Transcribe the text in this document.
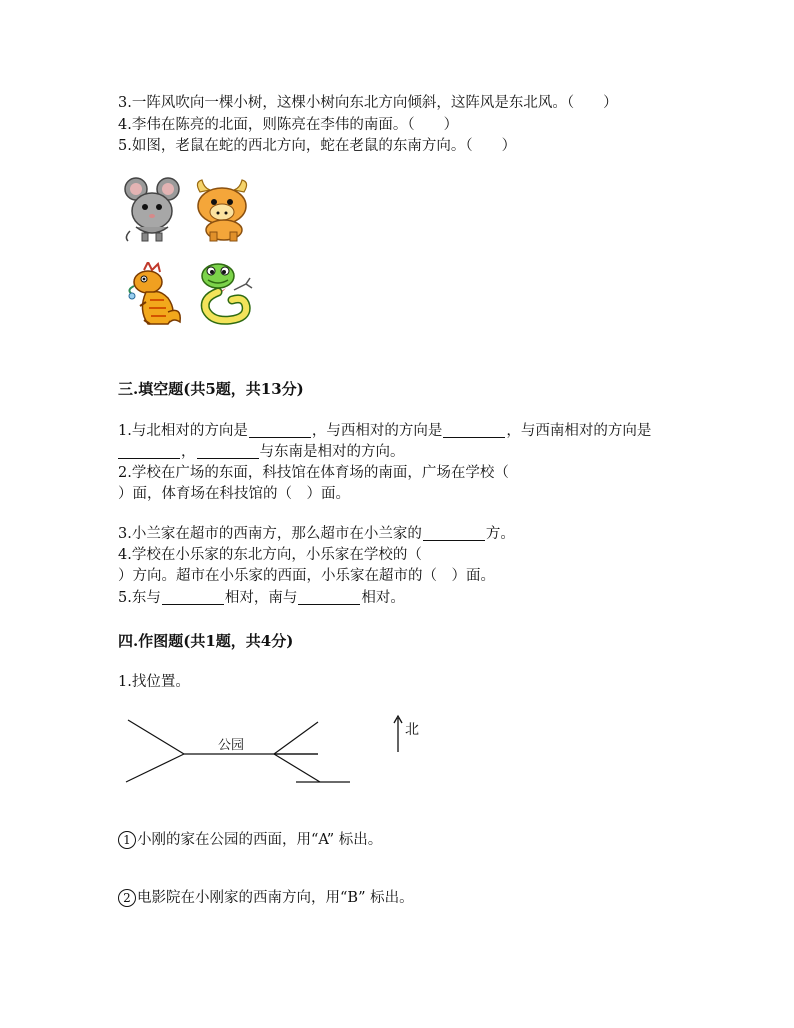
3.一阵风吹向一棵小树，这棵小树向东北方向倾斜，这阵风是东北风。（　　）
4.李伟在陈亮的北面，则陈亮在李伟的南面。（　　）
5.如图，老鼠在蛇的西北方向，蛇在老鼠的东南方向。（　　）
三.填空题(共5题，共13分)
1.与北相对的方向是	，与西相对的方向是	，与西南相对的方向是
，	与东南是相对的方向。
2.学校在广场的东面，科技馆在体育场的南面，广场在学校（
）面，体育场在科技馆的（　）面。
3.小兰家在超市的西南方，那么超市在小兰家的	方。
4.学校在小乐家的东北方向，小乐家在学校的（
）方向。超市在小乐家的西面，小乐家在超市的（　）面。
5.东与	相对，南与	相对。
四.作图题(共1题，共4分)
1.找位置。
公园
北
1 小刚的家在公园的西面，用“A” 标出。
2 电影院在小刚家的西南方向，用“B” 标出。
